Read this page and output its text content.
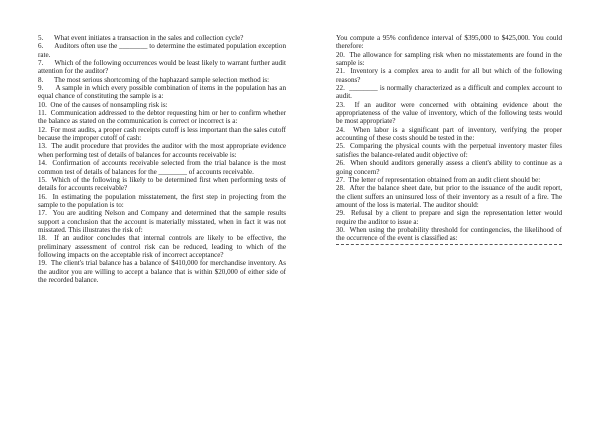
5.      What event initiates a transaction in the sales and collection cycle?

6.      Auditors often use the ________ to determine the estimated population exception rate.

7.      Which of the following occurrences would be least likely to warrant further audit attention for the auditor?

8.      The most serious shortcoming of the haphazard sample selection method is:

9.      A sample in which every possible combination of items in the population has an equal chance of constituting the sample is a:

10.  One of the causes of nonsampling risk is:

11.  Communication addressed to the debtor requesting him or her to confirm whether the balance as stated on the communication is correct or incorrect is a:

12.  For most audits, a proper cash receipts cutoff is less important than the sales cutoff because the improper cutoff of cash:

13.  The audit procedure that provides the auditor with the most appropriate evidence when performing test of details of balances for accounts receivable is:

14.  Confirmation of accounts receivable selected from the trial balance is the most common test of details of balances for the ________ of accounts receivable.

15.  Which of the following is likely to be determined first when performing tests of details for accounts receivable?

16.  In estimating the population misstatement, the first step in projecting from the sample to the population is to:

17.  You are auditing Nelson and Company and determined that the sample results support a conclusion that the account is materially misstated, when in fact it was not misstated. This illustrates the risk of:

18.  If an auditor concludes that internal controls are likely to be effective, the preliminary assessment of control risk can be reduced, leading to which of the following impacts on the acceptable risk of incorrect acceptance?

19.  The client's trial balance has a balance of $410,000 for merchandise inventory. As the auditor you are willing to accept a balance that is within $20,000 of either side of the recorded balance.

You compute a 95% confidence interval of $395,000 to $425,000. You could therefore:

20.  The allowance for sampling risk when no misstatements are found in the sample is:

21.  Inventory is a complex area to audit for all but which of the following reasons?

22.  ________ is normally characterized as a difficult and complex account to audit.

23.  If an auditor were concerned with obtaining evidence about the appropriateness of the value of inventory, which of the following tests would be most appropriate?

24.  When labor is a significant part of inventory, verifying the proper accounting of these costs should be tested in the:

25.  Comparing the physical counts with the perpetual inventory master files satisfies the balance-related audit objective of:

26.  When should auditors generally assess a client's ability to continue as a going concern?

27.  The letter of representation obtained from an audit client should be:

28.  After the balance sheet date, but prior to the issuance of the audit report, the client suffers an uninsured loss of their inventory as a result of a fire. The amount of the loss is material. The auditor should:

29.  Refusal by a client to prepare and sign the representation letter would require the auditor to issue a:

30.  When using the probability threshold for contingencies, the likelihood of the occurrence of the event is classified as:
